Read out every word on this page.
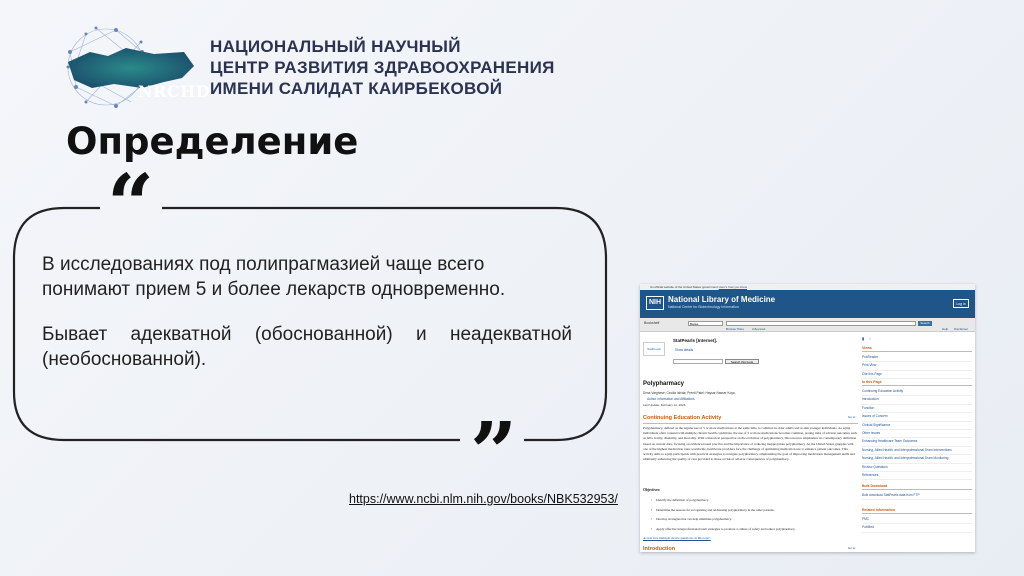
NRCHD
НАЦИОНАЛЬНЫЙ НАУЧНЫЙ
ЦЕНТР РАЗВИТИЯ ЗДРАВООХРАНЕНИЯ
ИМЕНИ САЛИДАТ КАИРБЕКОВОЙ
Определение
“
”
В исследованиях под полипрагмазией чаще всего понимают прием 5 и более лекарств одновременно.
Бывает адекватной (обоснованной) и неадекватной (необоснованной).
https://www.ncbi.nlm.nih.gov/books/NBK532953/
An official website of the United States government Here's how you know
NIH National Library of Medicine
National Center for Biotechnology Information
Log in
Bookshelf	Books	Search
Browse Titles	Advanced	Help Disclaimer
StatPearls
StatPearls [Internet].
Show details
Search this book
Polypharmacy
Dima Varghese; Cecilia Ishida; Preeti Patel; Haysar Nasser Koya.
Author Information and Affiliations
Last Update: February 12, 2024.
Continuing Education Activity	Go to:
Polypharmacy, defined as the regular use of 5 or more medications at the same time, is common in older adults and at-risk younger individuals. As aging individuals often contend with multiple chronic health conditions, the use of 5 or more medications becomes common, posing risks of adverse outcomes such as falls, frailty, disability, and mortality. With a historical perspective on the evolution of polypharmacy, this resource emphasizes its contemporary definition based on current data, focusing on evidence-based practice and the importance of reducing inappropriate polypharmacy. As the United States grapples with one of the highest medication rates worldwide, healthcare providers face the challenge of optimizing medication use to enhance patient outcomes. This activity aims to equip participants with practical strategies to navigate polypharmacy, emphasizing the goal of improving medication management skills and ultimately enhancing the quality of care provided to those at risk of adverse consequences of polypharmacy.
Objectives:
• Identify the definition of polypharmacy.
• Determine the reasons for recognizing and addressing polypharmacy in the older patients.
• Develop strategies that can help minimize polypharmacy.
• Apply effective interprofessional team strategies to promote a culture of safety and reduce polypharmacy.
Access free multiple choice questions on this topic.
Introduction	Go to:
▮ ▫
Views
PubReader
Print View
Cite this Page
In this Page
Continuing Education Activity
Introduction
Function
Issues of Concern
Clinical Significance
Other Issues
Enhancing Healthcare Team Outcomes
Nursing, Allied Health, and Interprofessional Team Interventions
Nursing, Allied Health, and Interprofessional Team Monitoring
Review Questions
References
Bulk Download
Bulk download StatPearls data from FTP
Related information
PMC
PubMed
